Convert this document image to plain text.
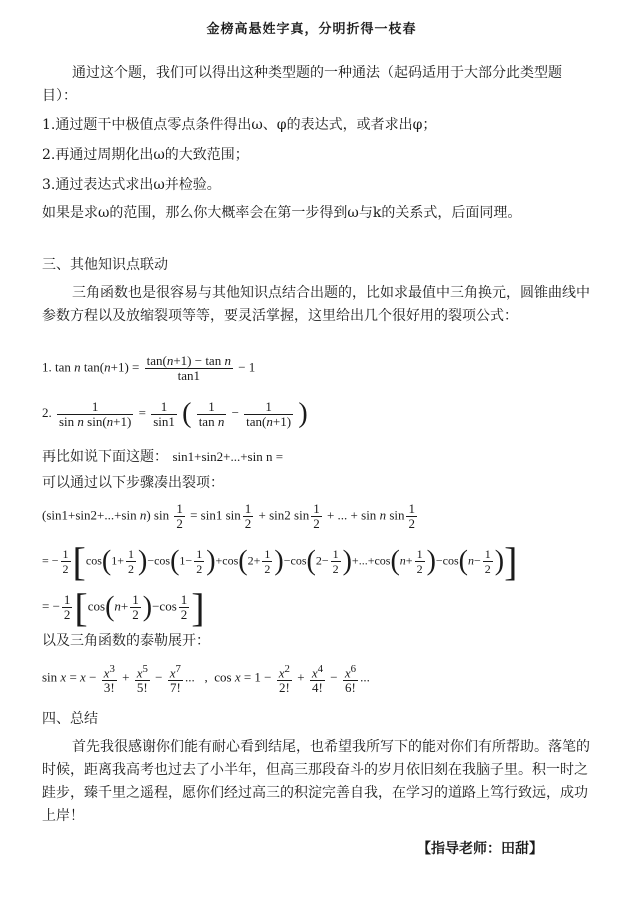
金榜高悬姓字真，分明折得一枝春
通过这个题，我们可以得出这种类型题的一种通法（起码适用于大部分此类型题目）：
1.通过题干中极值点零点条件得出ω、φ的表达式，或者求出φ；
2.再通过周期化出ω的大致范围；
3.通过表达式求出ω并检验。
如果是求ω的范围，那么你大概率会在第一步得到ω与k的关系式，后面同理。
三、其他知识点联动
三角函数也是很容易与其他知识点结合出题的，比如求最值中三角换元，圆锥曲线中参数方程以及放缩裂项等等，要灵活掌握，这里给出几个很好用的裂项公式：
1. tan n $\tan(n+1) = \frac{\text{tan(n+1) − tan n}}{\tan 1} - 1$
2. $\frac{1}{\text{sin n sin(n+1)}} = \frac{1}{\sin 1}$ ( $\frac{1}{\text{tan n}} - \frac{1}{\tan(n+1)}$ )
再比如说下面这题： sin1+sin2+...+sin n =
可以通过以下步骤凑出裂项：
(sin1+sin2+...+sin n) $\sin \frac{1}{2} = \sin 1$ $\sin \frac{1}{2} + \sin 2$ $\sin \frac{1}{2}$ + ... + sin n $\sin \frac{1}{2}$
= − $\frac{1}{2} [\cos(1+ \frac{1}{2} )-\cos(1- \frac{1}{2} )+\cos(2+ \frac{1}{2} )-\cos(2- \frac{1}{2} )+...+\cos(n+ \frac{1}{2} )-\cos(n- \frac{1}{2}$ )]
= − $\frac{1}{2} [\cos(n+ \frac{1}{2} )-\cos \frac{1}{2}$ ]
以及三角函数的泰勒展开：
$\sin x = x - \frac{x^3}{3!} + \frac{x^5}{5!} - \frac{x^7}{7!}$ ...   ,  $\cos x = 1 - \frac{x^2}{2!} + \frac{x^4}{4!} - \frac{x^6}{6!}$ ...
四、总结
首先我很感谢你们能有耐心看到结尾，也希望我所写下的能对你们有所帮助。落笔的时候，距离我高考也过去了小半年，但高三那段奋斗的岁月依旧刻在我脑子里。积一时之跬步，臻千里之遥程，愿你们经过高三的积淀完善自我，在学习的道路上笃行致远，成功上岸！
【指导老师：田甜】
